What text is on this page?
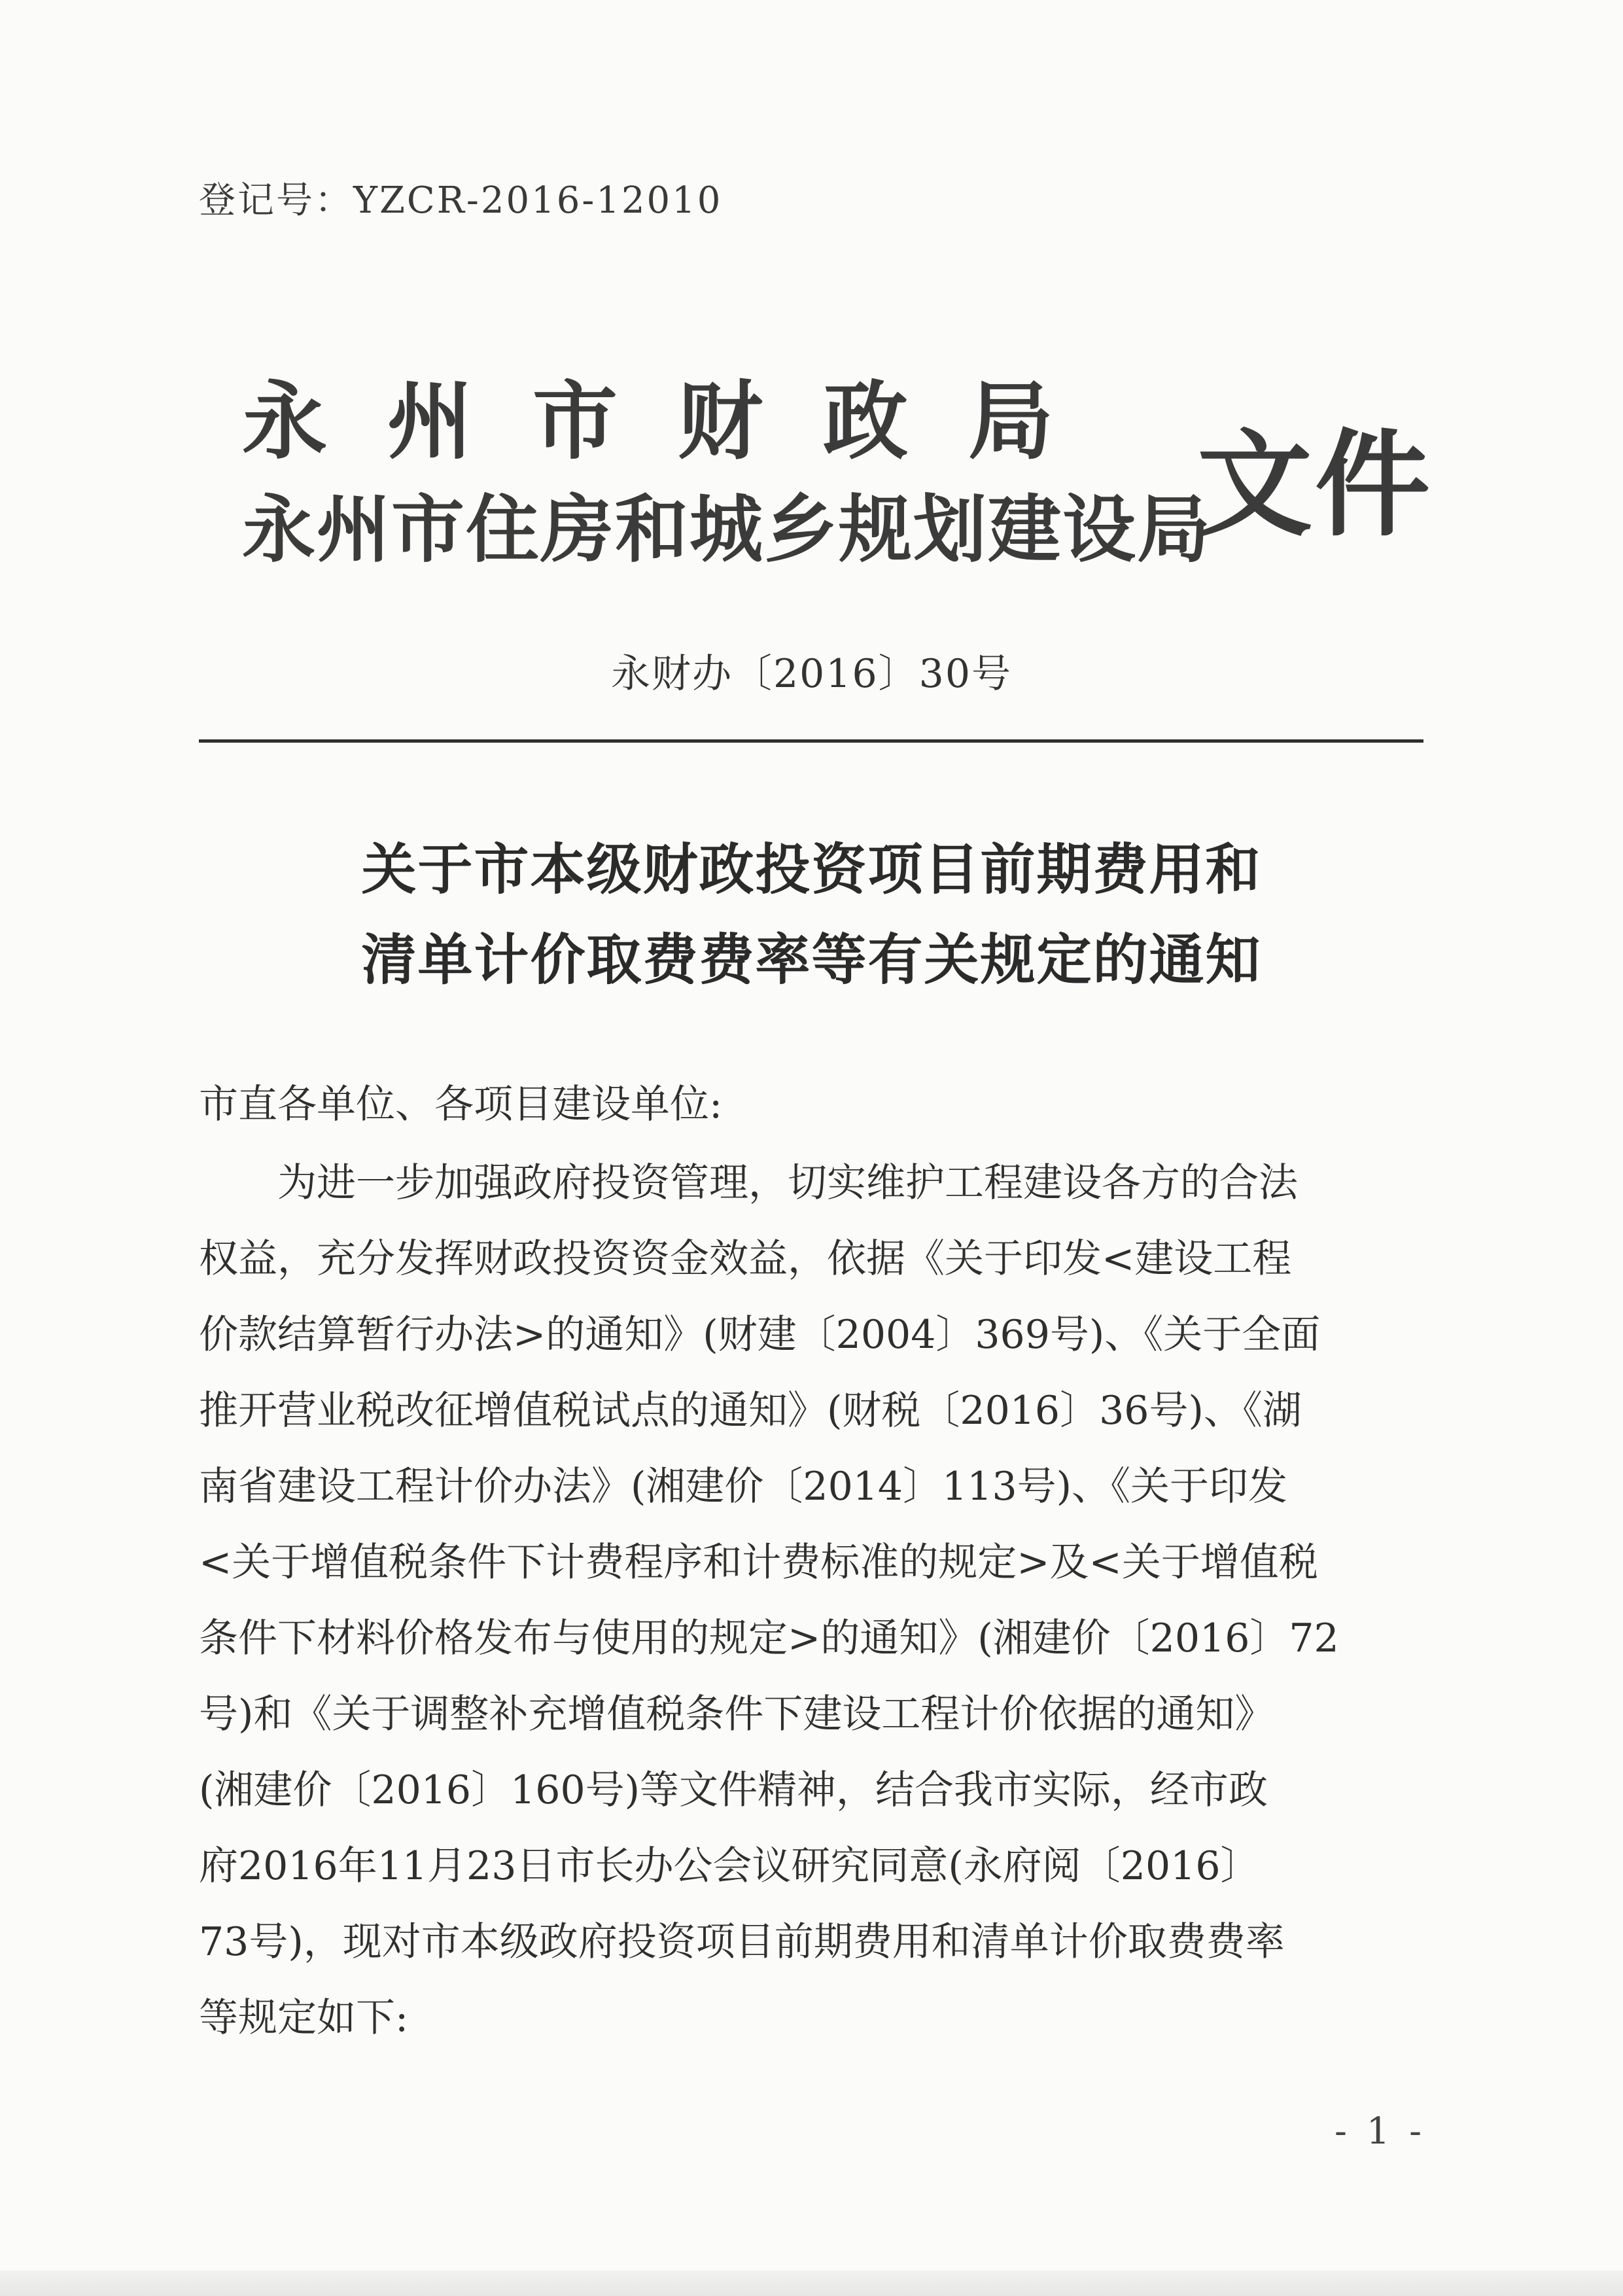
登记号：YZCR-2016-12010
永州市财政局
永州市住房和城乡规划建设局
文件
永财办〔2016〕30号
关于市本级财政投资项目前期费用和
清单计价取费费率等有关规定的通知
市直各单位、各项目建设单位:
　　为进一步加强政府投资管理，切实维护工程建设各方的合法
权益，充分发挥财政投资资金效益，依据《关于印发<建设工程
价款结算暂行办法>的通知》(财建〔2004〕369号)、《关于全面
推开营业税改征增值税试点的通知》(财税〔2016〕36号)、《湖
南省建设工程计价办法》(湘建价〔2014〕113号)、《关于印发
<关于增值税条件下计费程序和计费标准的规定>及<关于增值税
条件下材料价格发布与使用的规定>的通知》(湘建价〔2016〕72
号)和《关于调整补充增值税条件下建设工程计价依据的通知》
(湘建价〔2016〕160号)等文件精神，结合我市实际，经市政
府2016年11月23日市长办公会议研究同意(永府阅〔2016〕
73号)，现对市本级政府投资项目前期费用和清单计价取费费率
等规定如下:
- 1 -
